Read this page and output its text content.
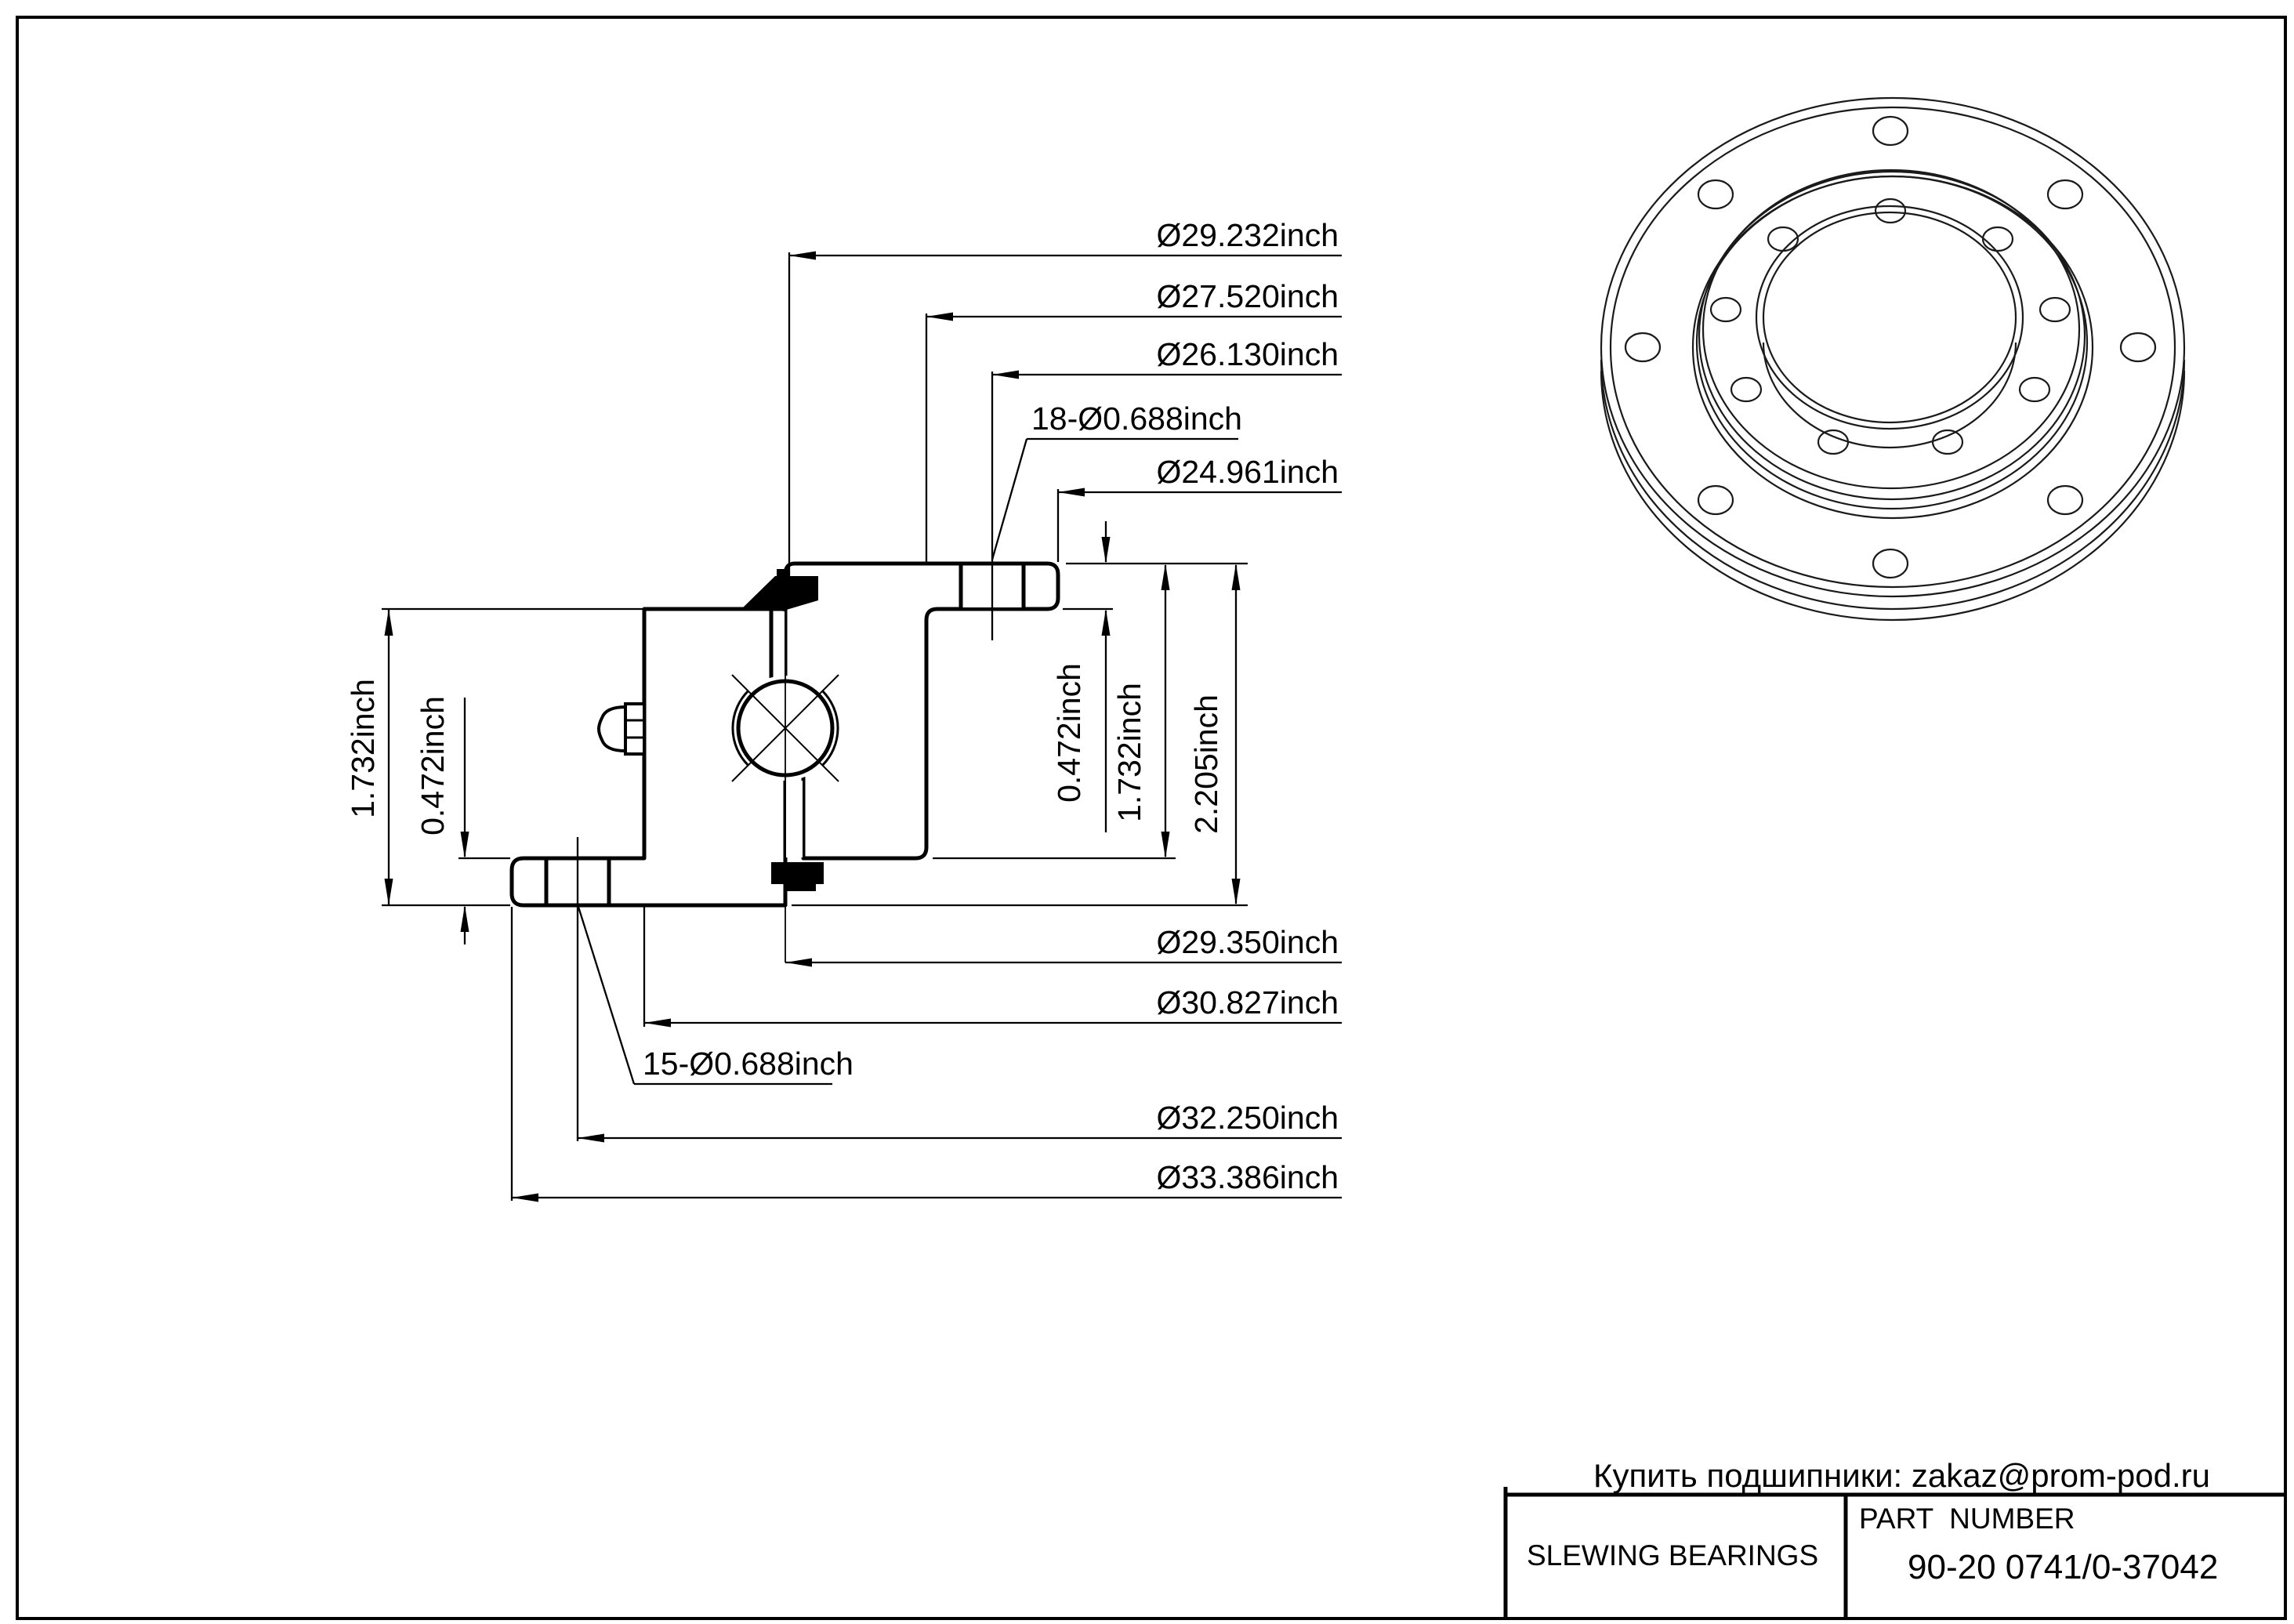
Ø29.232inch
Ø27.520inch
Ø26.130inch
18-Ø0.688inch
Ø24.961inch
Ø29.350inch
Ø30.827inch
15-Ø0.688inch
Ø32.250inch
Ø33.386inch
1.732inch 0.472inch	0.472inch 1.732inch 2.205inch
Купить подшипники: zakaz@prom-pod.ru
SLEWING BEARINGS
PART  NUMBER
90-20 0741/0-37042
